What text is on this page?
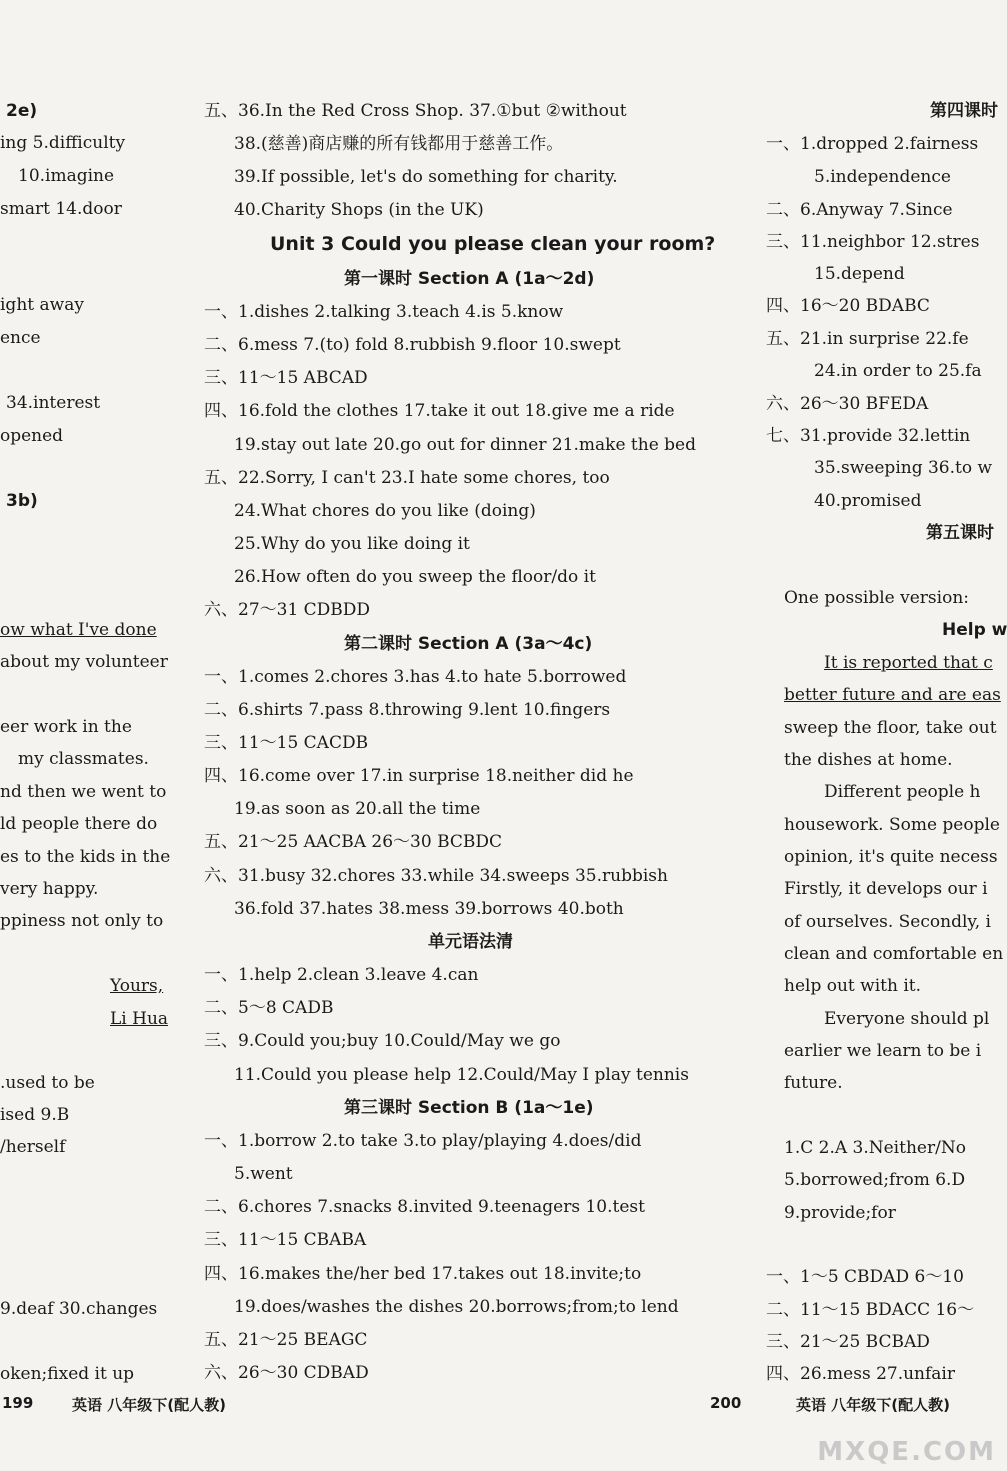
2e)
ing 5.difficulty
10.imagine
smart 14.door
ight away
ence
34.interest
opened
3b)
ow what I've done
about my volunteer
eer work in the
my classmates.
nd then we went to
ld people there do
es to the kids in the
very happy.
ppiness not only to
Yours,
Li Hua
.used to be
ised 9.B
/herself
9.deaf 30.changes
oken;fixed it up
五、36.In the Red Cross Shop. 37.①but ②without
38.(慈善)商店赚的所有钱都用于慈善工作。
39.If possible, let's do something for charity.
40.Charity Shops (in the UK)
Unit 3 Could you please clean your room?
第一课时 Section A (1a～2d)
一、1.dishes 2.talking 3.teach 4.is 5.know
二、6.mess 7.(to) fold 8.rubbish 9.floor 10.swept
三、11～15 ABCAD
四、16.fold the clothes 17.take it out 18.give me a ride
19.stay out late 20.go out for dinner 21.make the bed
五、22.Sorry, I can't 23.I hate some chores, too
24.What chores do you like (doing)
25.Why do you like doing it
26.How often do you sweep the floor/do it
六、27～31 CDBDD
第二课时 Section A (3a～4c)
一、1.comes 2.chores 3.has 4.to hate 5.borrowed
二、6.shirts 7.pass 8.throwing 9.lent 10.fingers
三、11～15 CACDB
四、16.come over 17.in surprise 18.neither did he
19.as soon as 20.all the time
五、21～25 AACBA 26～30 BCBDC
六、31.busy 32.chores 33.while 34.sweeps 35.rubbish
36.fold 37.hates 38.mess 39.borrows 40.both
单元语法清
一、1.help 2.clean 3.leave 4.can
二、5～8 CADB
三、9.Could you;buy 10.Could/May we go
11.Could you please help 12.Could/May I play tennis
第三课时 Section B (1a～1e)
一、1.borrow 2.to take 3.to play/playing 4.does/did
5.went
二、6.chores 7.snacks 8.invited 9.teenagers 10.test
三、11～15 CBABA
四、16.makes the/her bed 17.takes out 18.invite;to
19.does/washes the dishes 20.borrows;from;to lend
五、21～25 BEAGC
六、26～30 CDBAD
第四课时
一、1.dropped 2.fairness
5.independence
二、6.Anyway 7.Since
三、11.neighbor 12.stres
15.depend
四、16～20 BDABC
五、21.in surprise 22.fe
24.in order to 25.fa
六、26～30 BFEDA
七、31.provide 32.lettin
35.sweeping 36.to w
40.promised
第五课时
One possible version:
Help w
It is reported that c
better future and are eas
sweep the floor, take out
the dishes at home.
Different people h
housework. Some people
opinion, it's quite necess
Firstly, it develops our i
of ourselves. Secondly, i
clean and comfortable en
help out with it.
Everyone should pl
earlier we learn to be i
future.
1.C 2.A 3.Neither/No
5.borrowed;from 6.D
9.provide;for
一、1～5 CBDAD 6～10
二、11～15 BDACC 16～
三、21～25 BCBAD
四、26.mess 27.unfair
199	英语 八年级下(配人教)	200	英语 八年级下(配人教)
MXQE.COM
